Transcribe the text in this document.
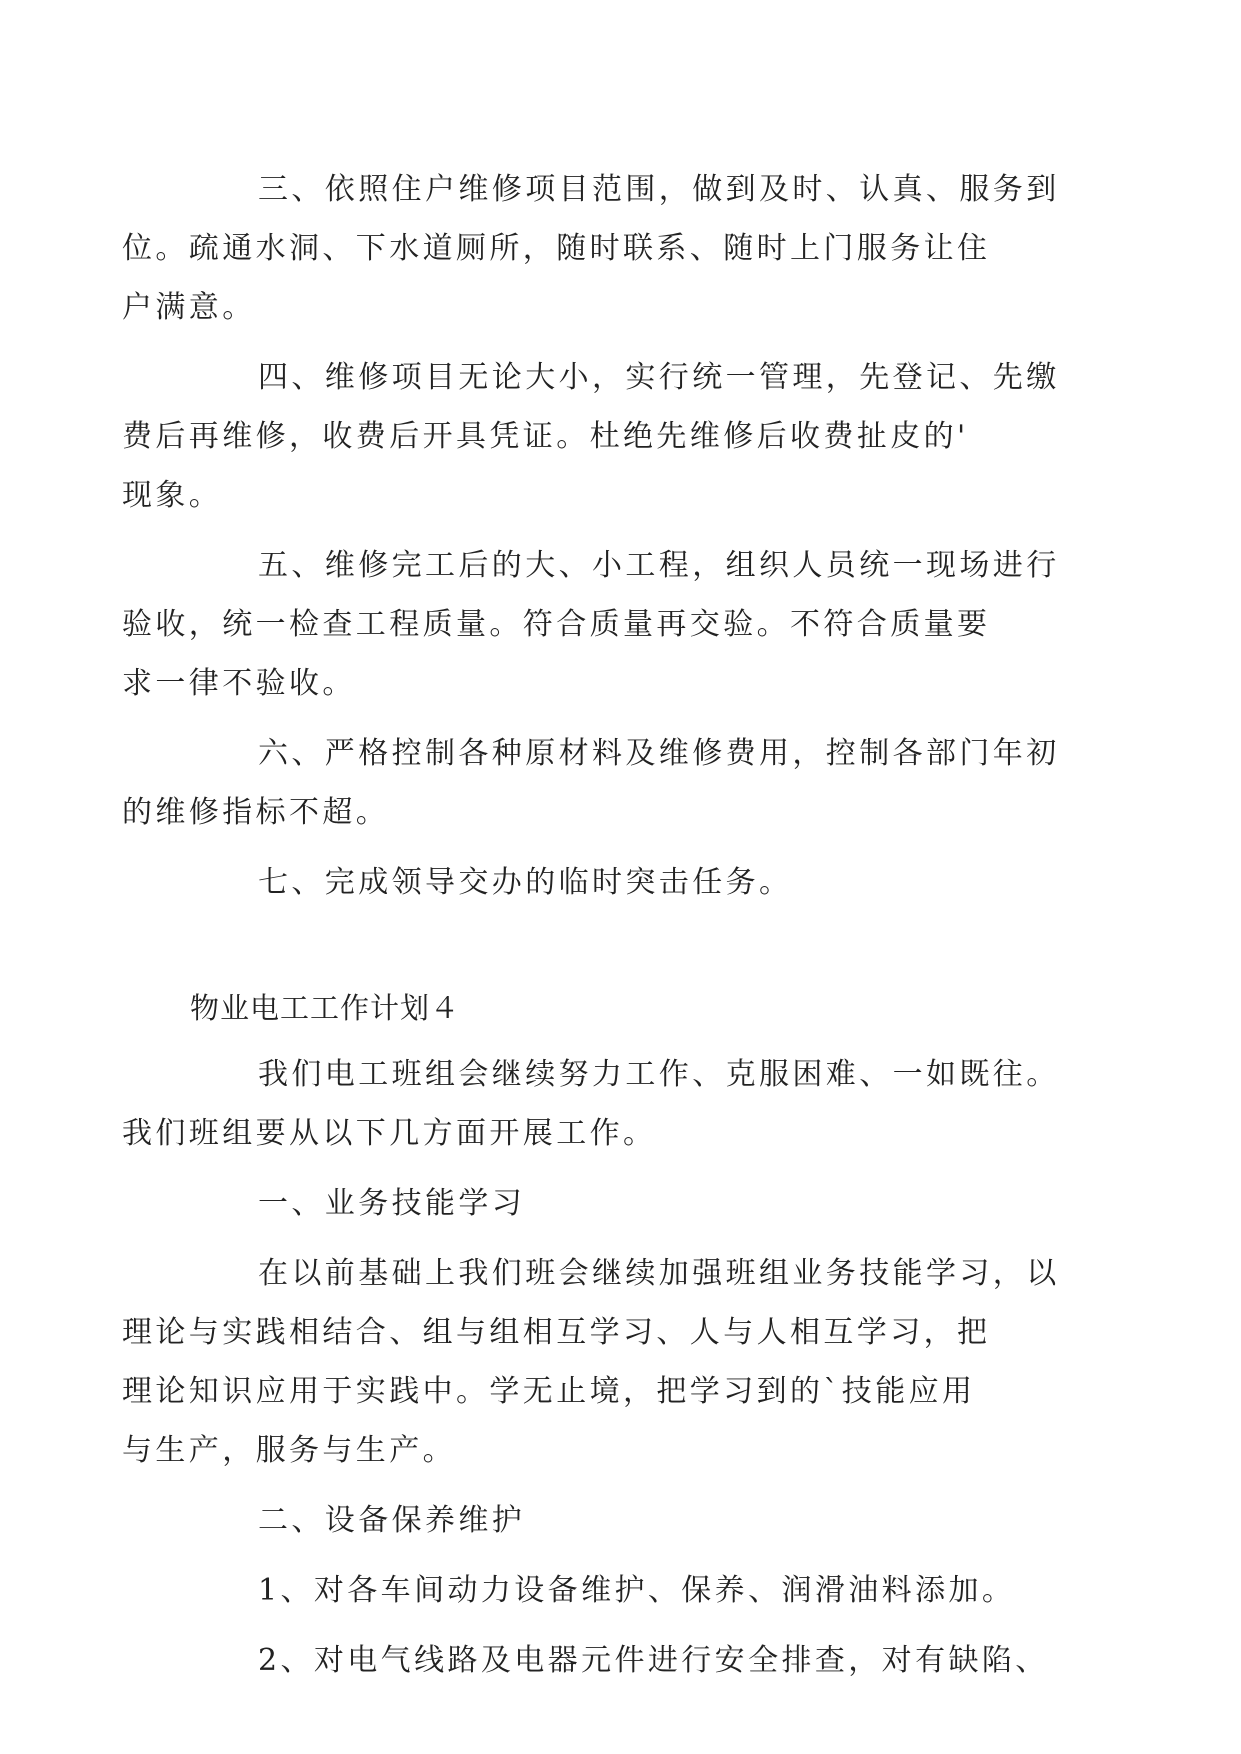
三、依照住户维修项目范围，做到及时、认真、服务到
位。疏通水洞、下水道厕所，随时联系、随时上门服务让住
户满意。
四、维修项目无论大小，实行统一管理，先登记、先缴
费后再维修，收费后开具凭证。杜绝先维修后收费扯皮的'
现象。
五、维修完工后的大、小工程，组织人员统一现场进行
验收，统一检查工程质量。符合质量再交验。不符合质量要
求一律不验收。
六、严格控制各种原材料及维修费用，控制各部门年初
的维修指标不超。
七、完成领导交办的临时突击任务。
物业电工工作计划４
我们电工班组会继续努力工作、克服困难、一如既往。
我们班组要从以下几方面开展工作。
一、业务技能学习
在以前基础上我们班会继续加强班组业务技能学习，以
理论与实践相结合、组与组相互学习、人与人相互学习，把
理论知识应用于实践中。学无止境，把学习到的`技能应用
与生产，服务与生产。
二、设备保养维护
1、对各车间动力设备维护、保养、润滑油料添加。
2、对电气线路及电器元件进行安全排查，对有缺陷、
